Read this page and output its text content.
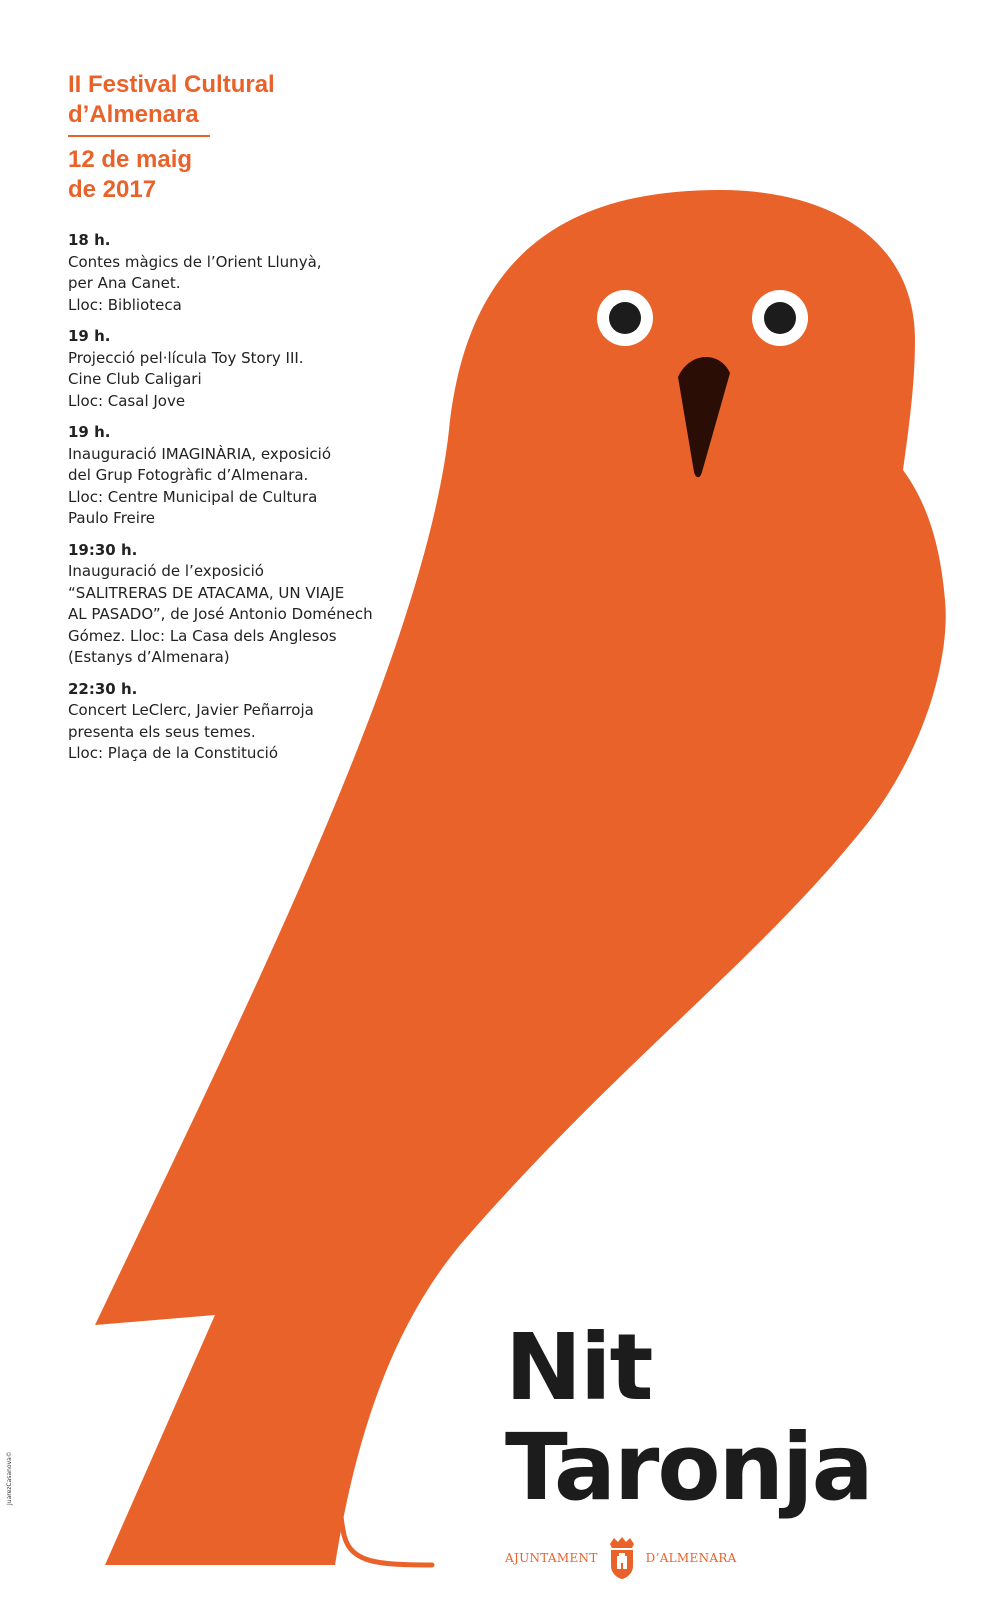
II Festival Cultural
d’Almenara
12 de maig
de 2017
18 h.
Contes màgics de l’Orient Llunyà,
per Ana Canet.
Lloc: Biblioteca
19 h.
Projecció pel·lícula Toy Story III.
Cine Club Caligari
Lloc: Casal Jove
19 h.
Inauguració IMAGINÀRIA, exposició
del Grup Fotogràfic d’Almenara.
Lloc: Centre Municipal de Cultura
Paulo Freire
19:30 h.
Inauguració de l’exposició
“SALITRERAS DE ATACAMA, UN VIAJE
AL PASADO”, de José Antonio Doménech
Gómez. Lloc: La Casa dels Anglesos
(Estanys d’Almenara)
22:30 h.
Concert LeClerc, Javier Peñarroja
presenta els seus temes.
Lloc: Plaça de la Constitució
Nit
Taronja
AJUNTAMENT	D’ALMENARA
JuarezCasanova©
